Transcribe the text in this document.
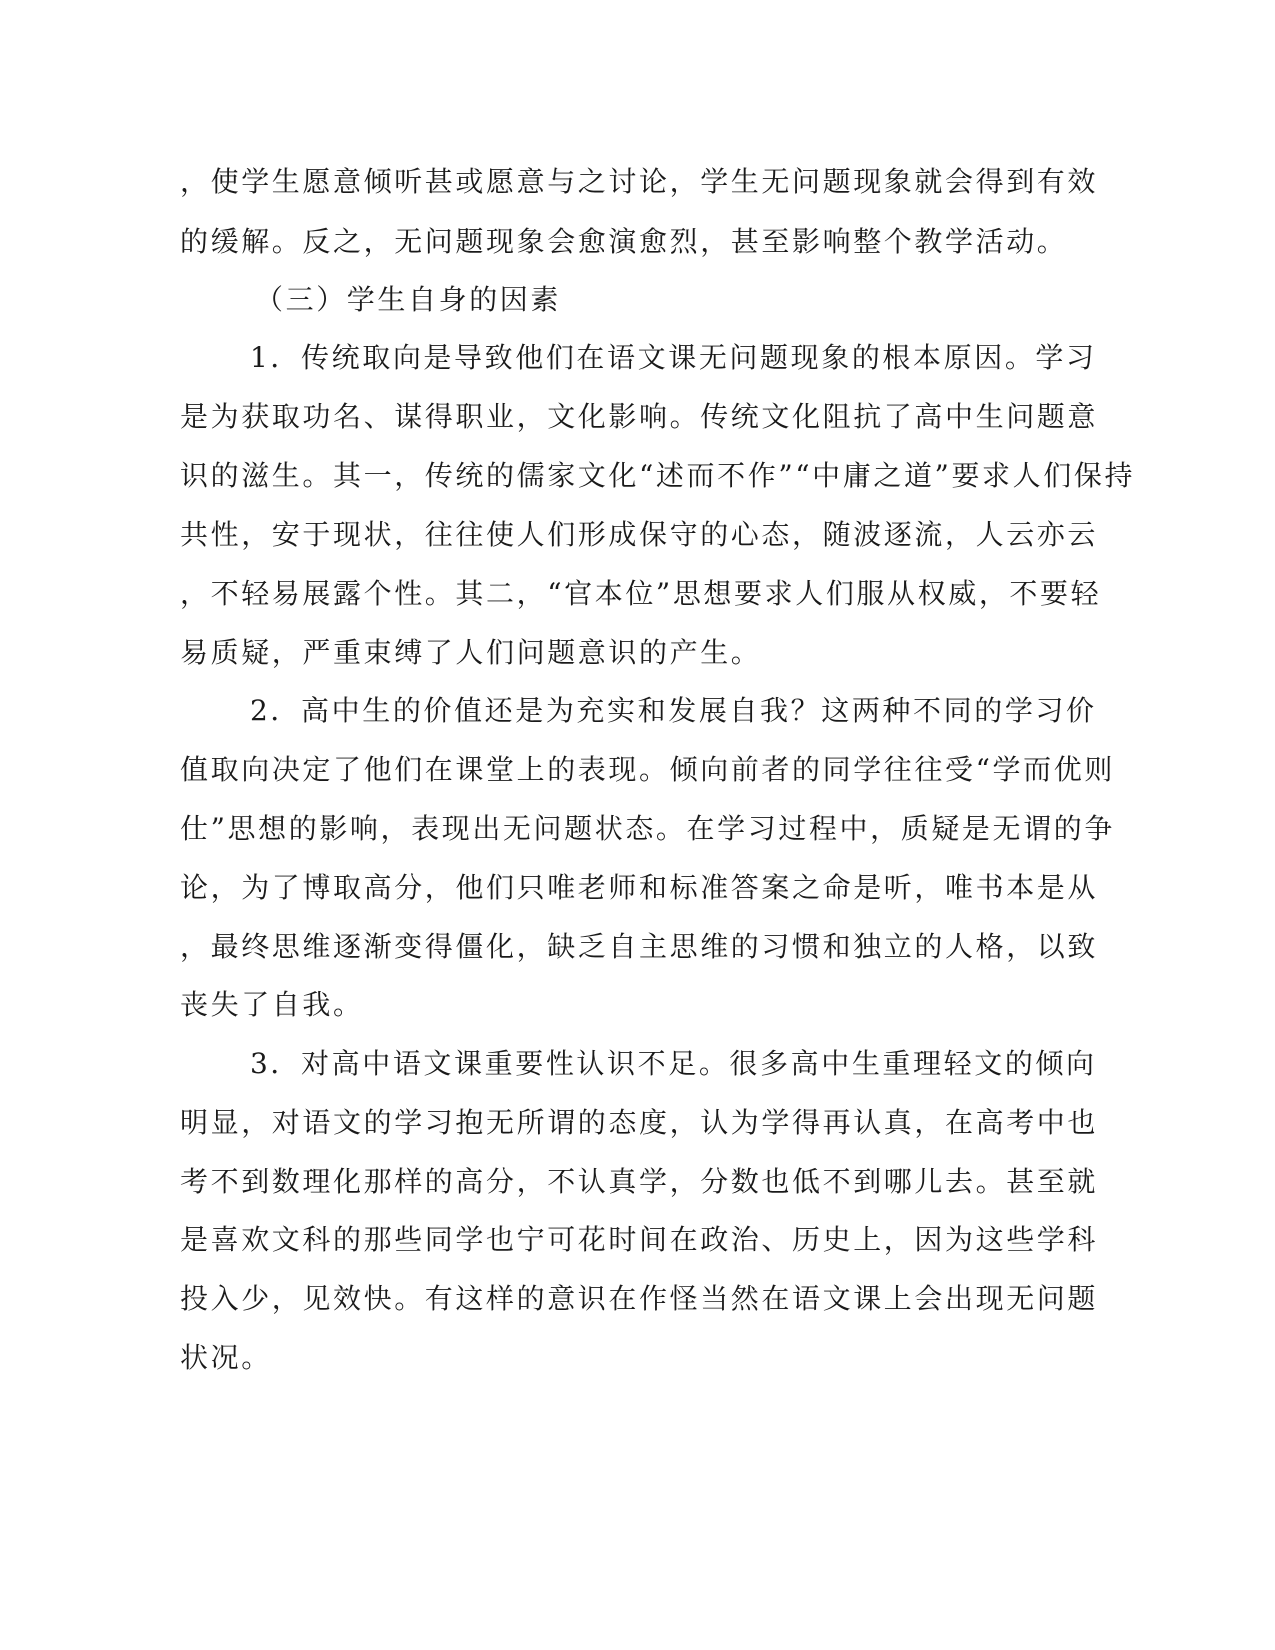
，使学生愿意倾听甚或愿意与之讨论，学生无问题现象就会得到有效
的缓解。反之，无问题现象会愈演愈烈，甚至影响整个教学活动。
（三）学生自身的因素
1．传统取向是导致他们在语文课无问题现象的根本原因。学习
是为获取功名、谋得职业，文化影响。传统文化阻抗了高中生问题意
识的滋生。其一，传统的儒家文化“述而不作”“中庸之道”要求人们保持
共性，安于现状，往往使人们形成保守的心态，随波逐流，人云亦云
，不轻易展露个性。其二，“官本位”思想要求人们服从权威，不要轻
易质疑，严重束缚了人们问题意识的产生。
2．高中生的价值还是为充实和发展自我？这两种不同的学习价
值取向决定了他们在课堂上的表现。倾向前者的同学往往受“学而优则
仕”思想的影响，表现出无问题状态。在学习过程中，质疑是无谓的争
论，为了博取高分，他们只唯老师和标准答案之命是听，唯书本是从
，最终思维逐渐变得僵化，缺乏自主思维的习惯和独立的人格，以致
丧失了自我。
3．对高中语文课重要性认识不足。很多高中生重理轻文的倾向
明显，对语文的学习抱无所谓的态度，认为学得再认真，在高考中也
考不到数理化那样的高分，不认真学，分数也低不到哪儿去。甚至就
是喜欢文科的那些同学也宁可花时间在政治、历史上，因为这些学科
投入少，见效快。有这样的意识在作怪当然在语文课上会出现无问题
状况。
